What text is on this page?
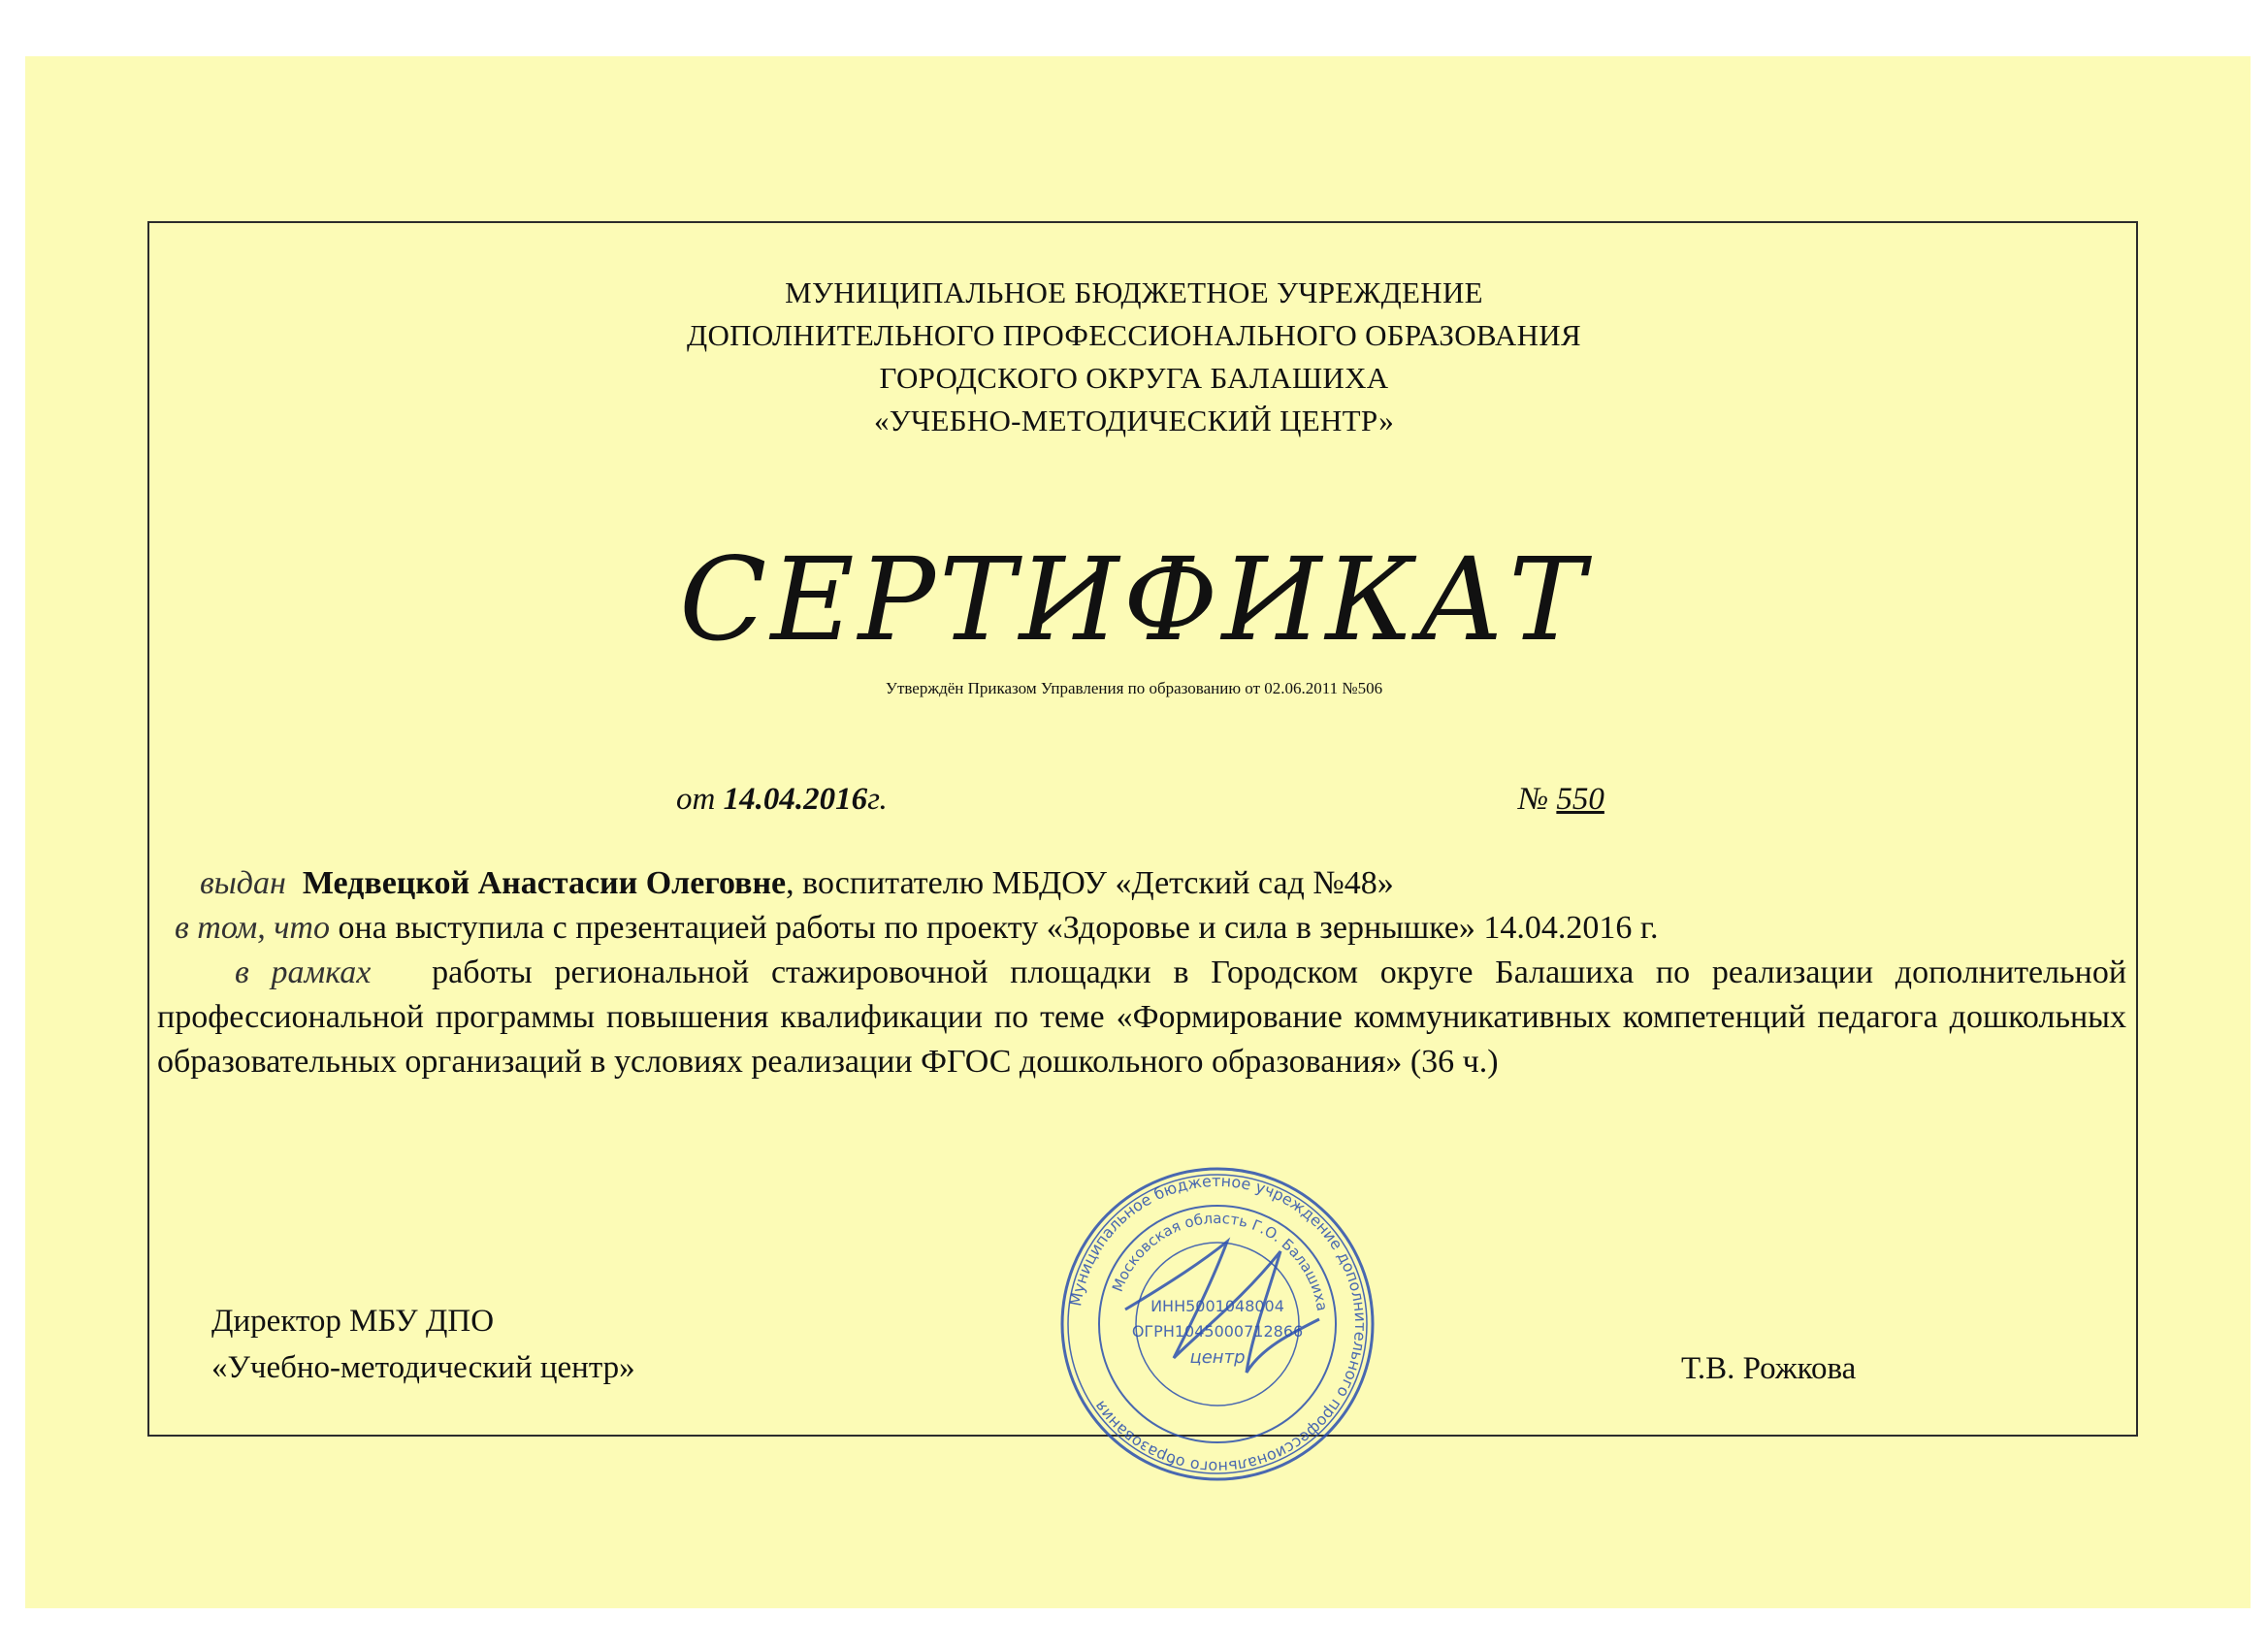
МУНИЦИПАЛЬНОЕ БЮДЖЕТНОЕ УЧРЕЖДЕНИЕ
ДОПОЛНИТЕЛЬНОГО ПРОФЕССИОНАЛЬНОГО ОБРАЗОВАНИЯ
ГОРОДСКОГО ОКРУГА БАЛАШИХА
«УЧЕБНО-МЕТОДИЧЕСКИЙ ЦЕНТР»
СЕРТИФИКАТ
Утверждён Приказом Управления по образованию от 02.06.2011 №506
от 14.04.2016г.	№ 550

выдан Медвецкой Анастасии Олеговне, воспитателю МБДОУ «Детский сад №48»

в том, что она выступила с презентацией работы по проекту «Здоровье и сила в зернышке» 14.04.2016 г.

в рамках работы региональной стажировочной площадки в Городском округе Балашиха по реализации дополнительной профессиональной программы повышения квалификации по теме «Формирование коммуникативных компетенций педагога дошкольных образовательных организаций в условиях реализации ФГОС дошкольного образования» (36 ч.)

Директор МБУ ДПО
«Учебно-методический центр»	Т.В. Рожкова
Муниципальное бюджетное учреждение дополнительного профессионального образования
Московская область Г.О. Балашиха
ИНН5001048004
ОГРН1045000712866
центр
